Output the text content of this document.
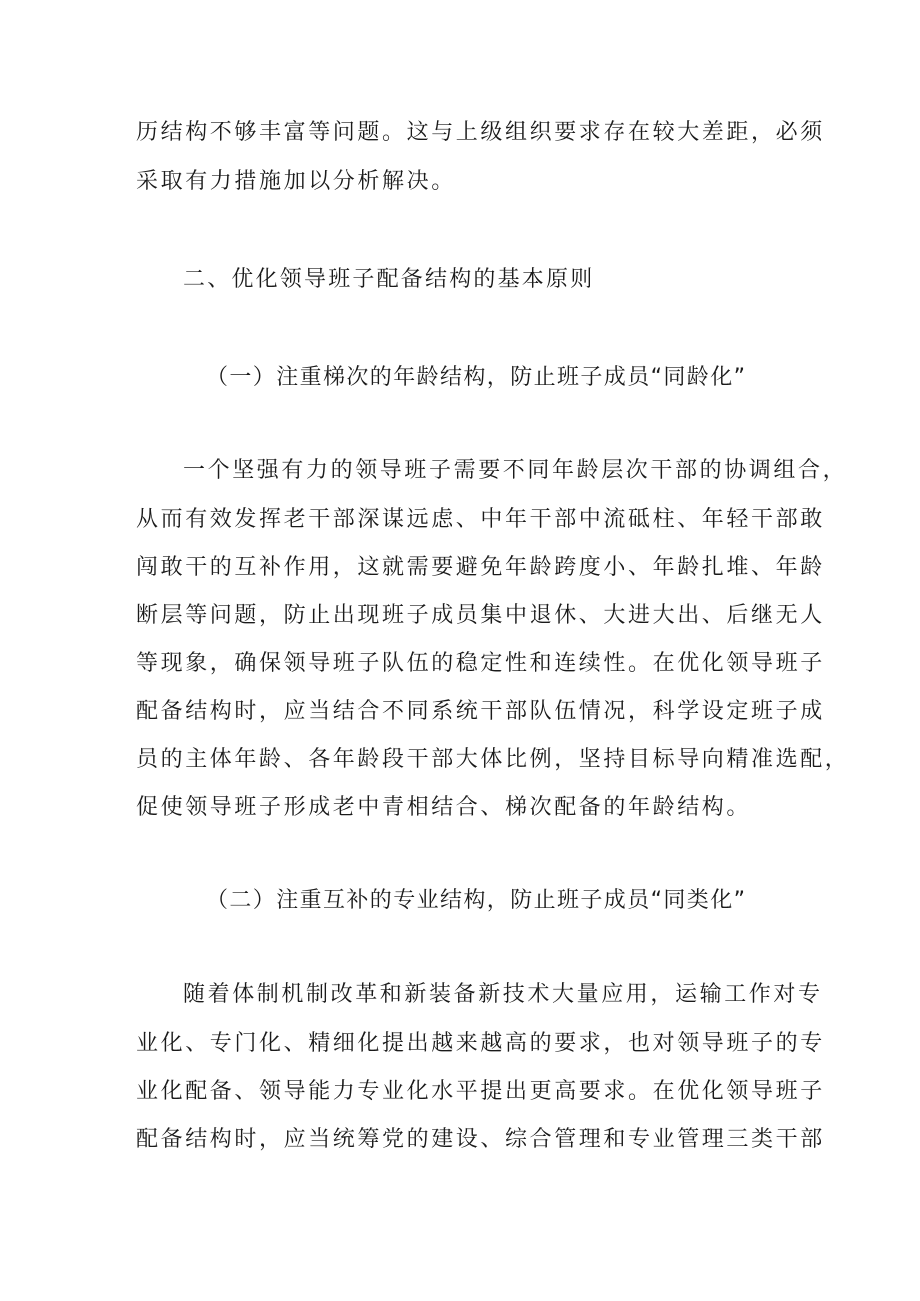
历结构不够丰富等问题。这与上级组织要求存在较大差距，必须
采取有力措施加以分析解决。
二、优化领导班子配备结构的基本原则
（一）注重梯次的年龄结构，防止班子成员“同龄化”
一个坚强有力的领导班子需要不同年龄层次干部的协调组合，
从而有效发挥老干部深谋远虑、中年干部中流砥柱、年轻干部敢
闯敢干的互补作用，这就需要避免年龄跨度小、年龄扎堆、年龄
断层等问题，防止出现班子成员集中退休、大进大出、后继无人
等现象，确保领导班子队伍的稳定性和连续性。在优化领导班子
配备结构时，应当结合不同系统干部队伍情况，科学设定班子成
员的主体年龄、各年龄段干部大体比例，坚持目标导向精准选配，
促使领导班子形成老中青相结合、梯次配备的年龄结构。
（二）注重互补的专业结构，防止班子成员“同类化”
随着体制机制改革和新装备新技术大量应用，运输工作对专
业化、专门化、精细化提出越来越高的要求，也对领导班子的专
业化配备、领导能力专业化水平提出更高要求。在优化领导班子
配备结构时，应当统筹党的建设、综合管理和专业管理三类干部
